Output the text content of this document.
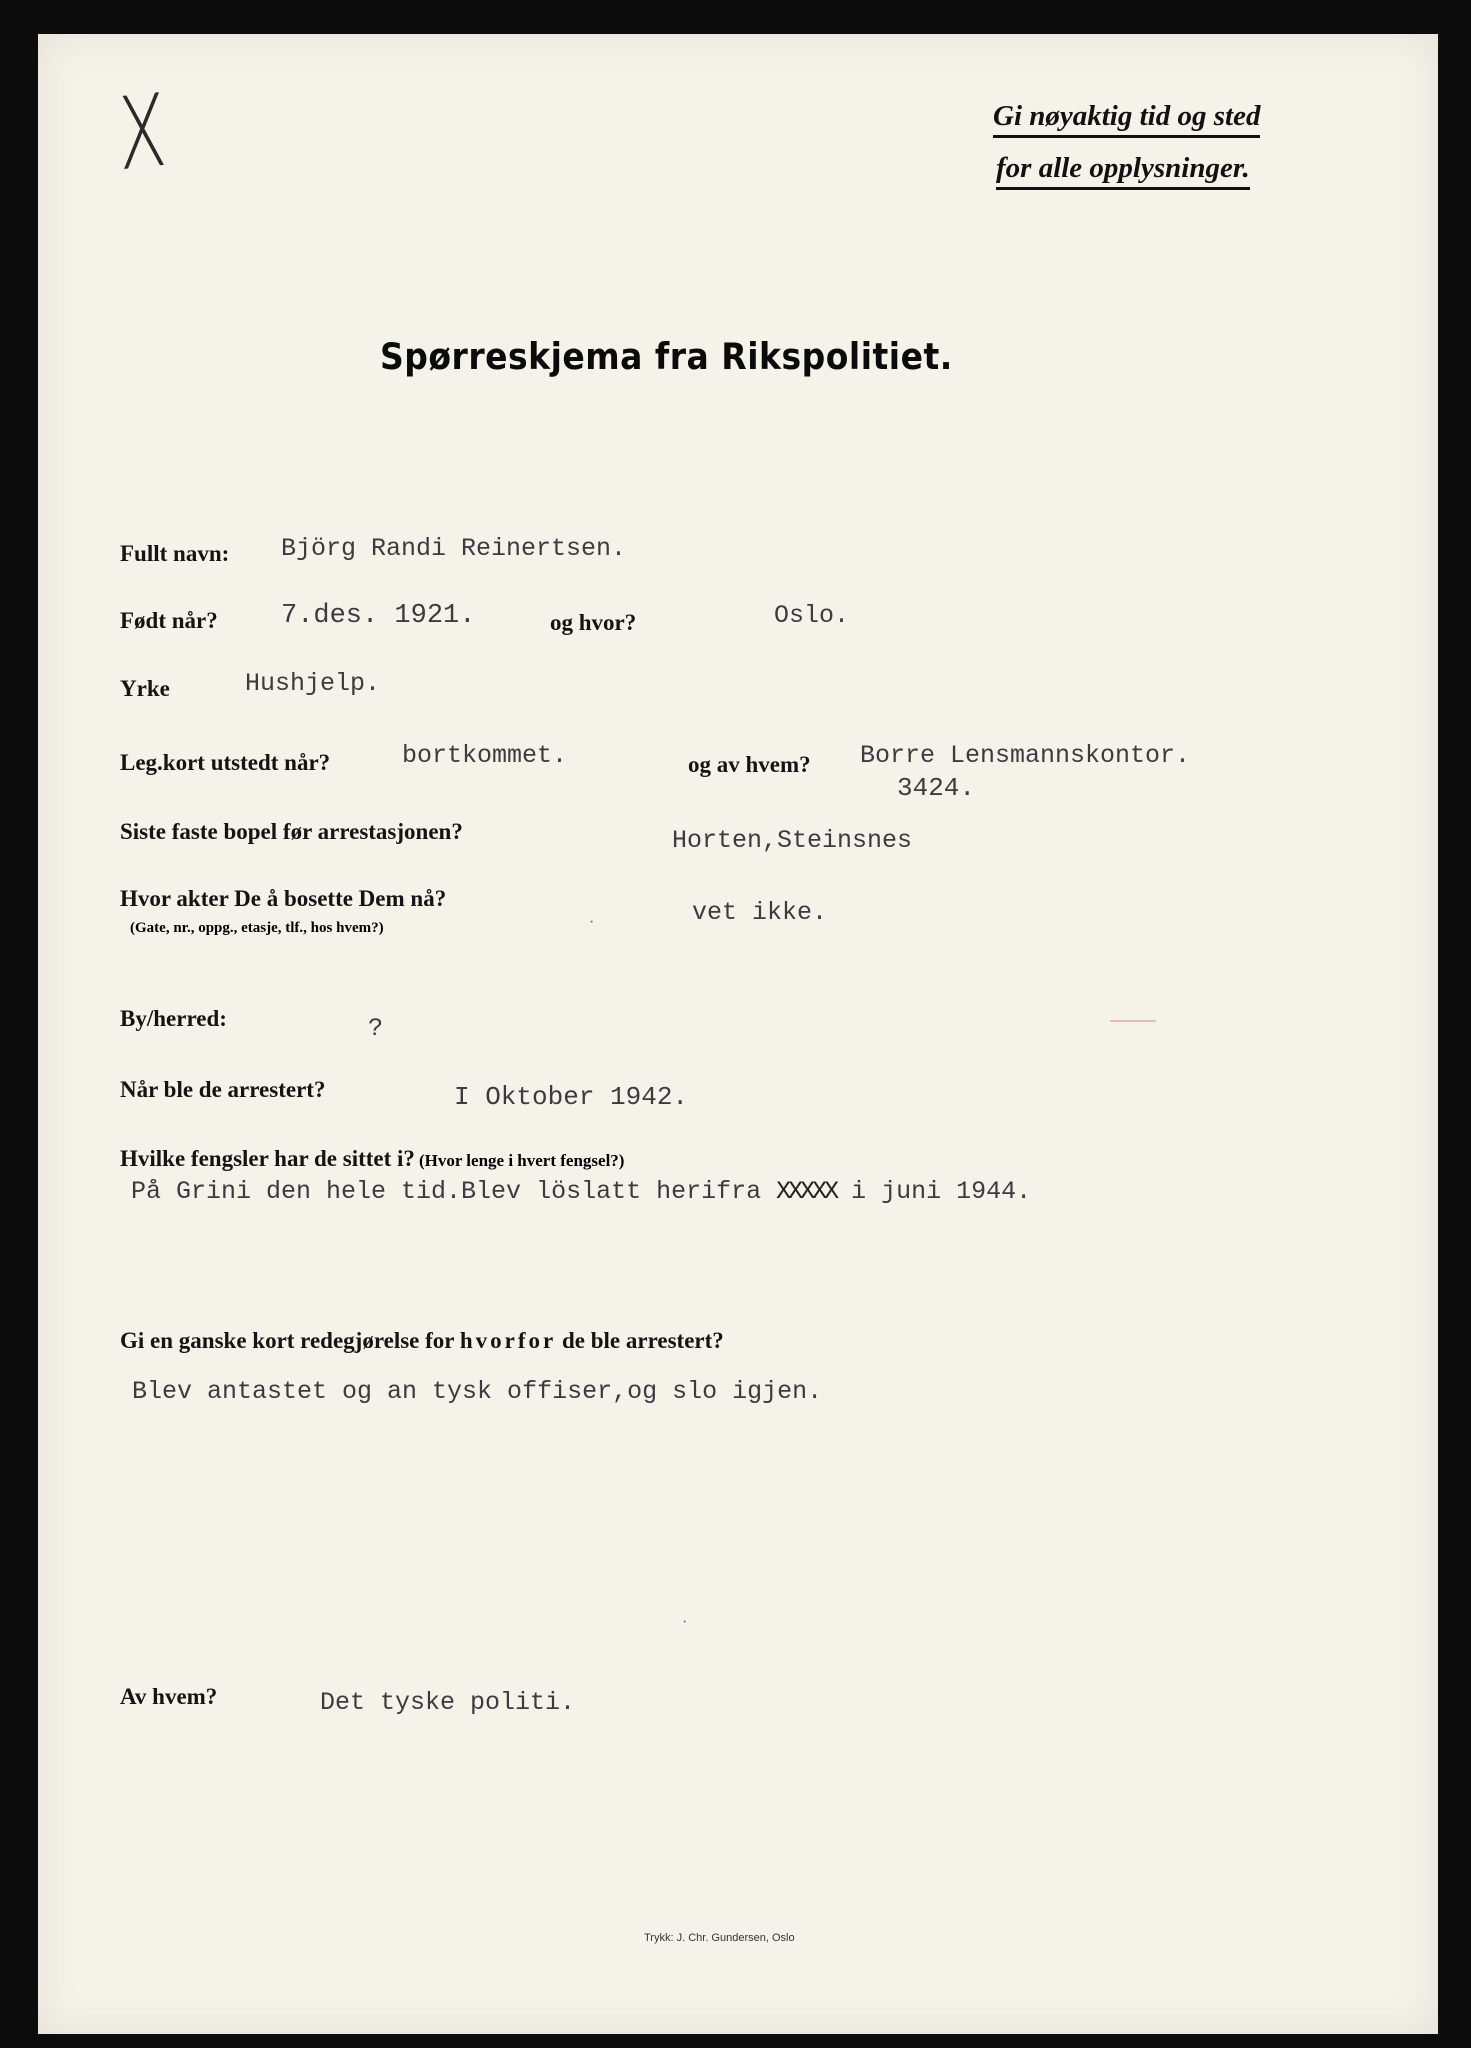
X	Gi nøyaktig tid og sted
for alle opplysninger.
Spørreskjema fra Rikspolitiet.
Fullt navn: Björg Randi Reinertsen.
Født når? 7.des. 1921.	og hvor?	Oslo.
Yrke	Hushjelp.
Leg.kort utstedt når?	bortkommet.	og av hvem? Borre Lensmannskontor.
3424.
Siste faste bopel før arrestasjonen?	Horten,Steinsnes
Hvor akter De å bosette Dem nå?
(Gate, nr., oppg., etasje, tlf., hos hvem?)	·	vet ikke.
By/herred:	?
Når ble de arrestert?	I Oktober 1942.
Hvilke fengsler har de sittet i? (Hvor lenge i hvert fengsel?)
På Grini den hele tid.Blev löslatt herifra XXXXX i juni 1944.
Gi en ganske kort redegjørelse for hvorfor de ble arrestert?
Blev antastet og an tysk offiser,og slo igjen.
·
Av hvem?	Det tyske politi.
Trykk: J. Chr. Gundersen, Oslo
